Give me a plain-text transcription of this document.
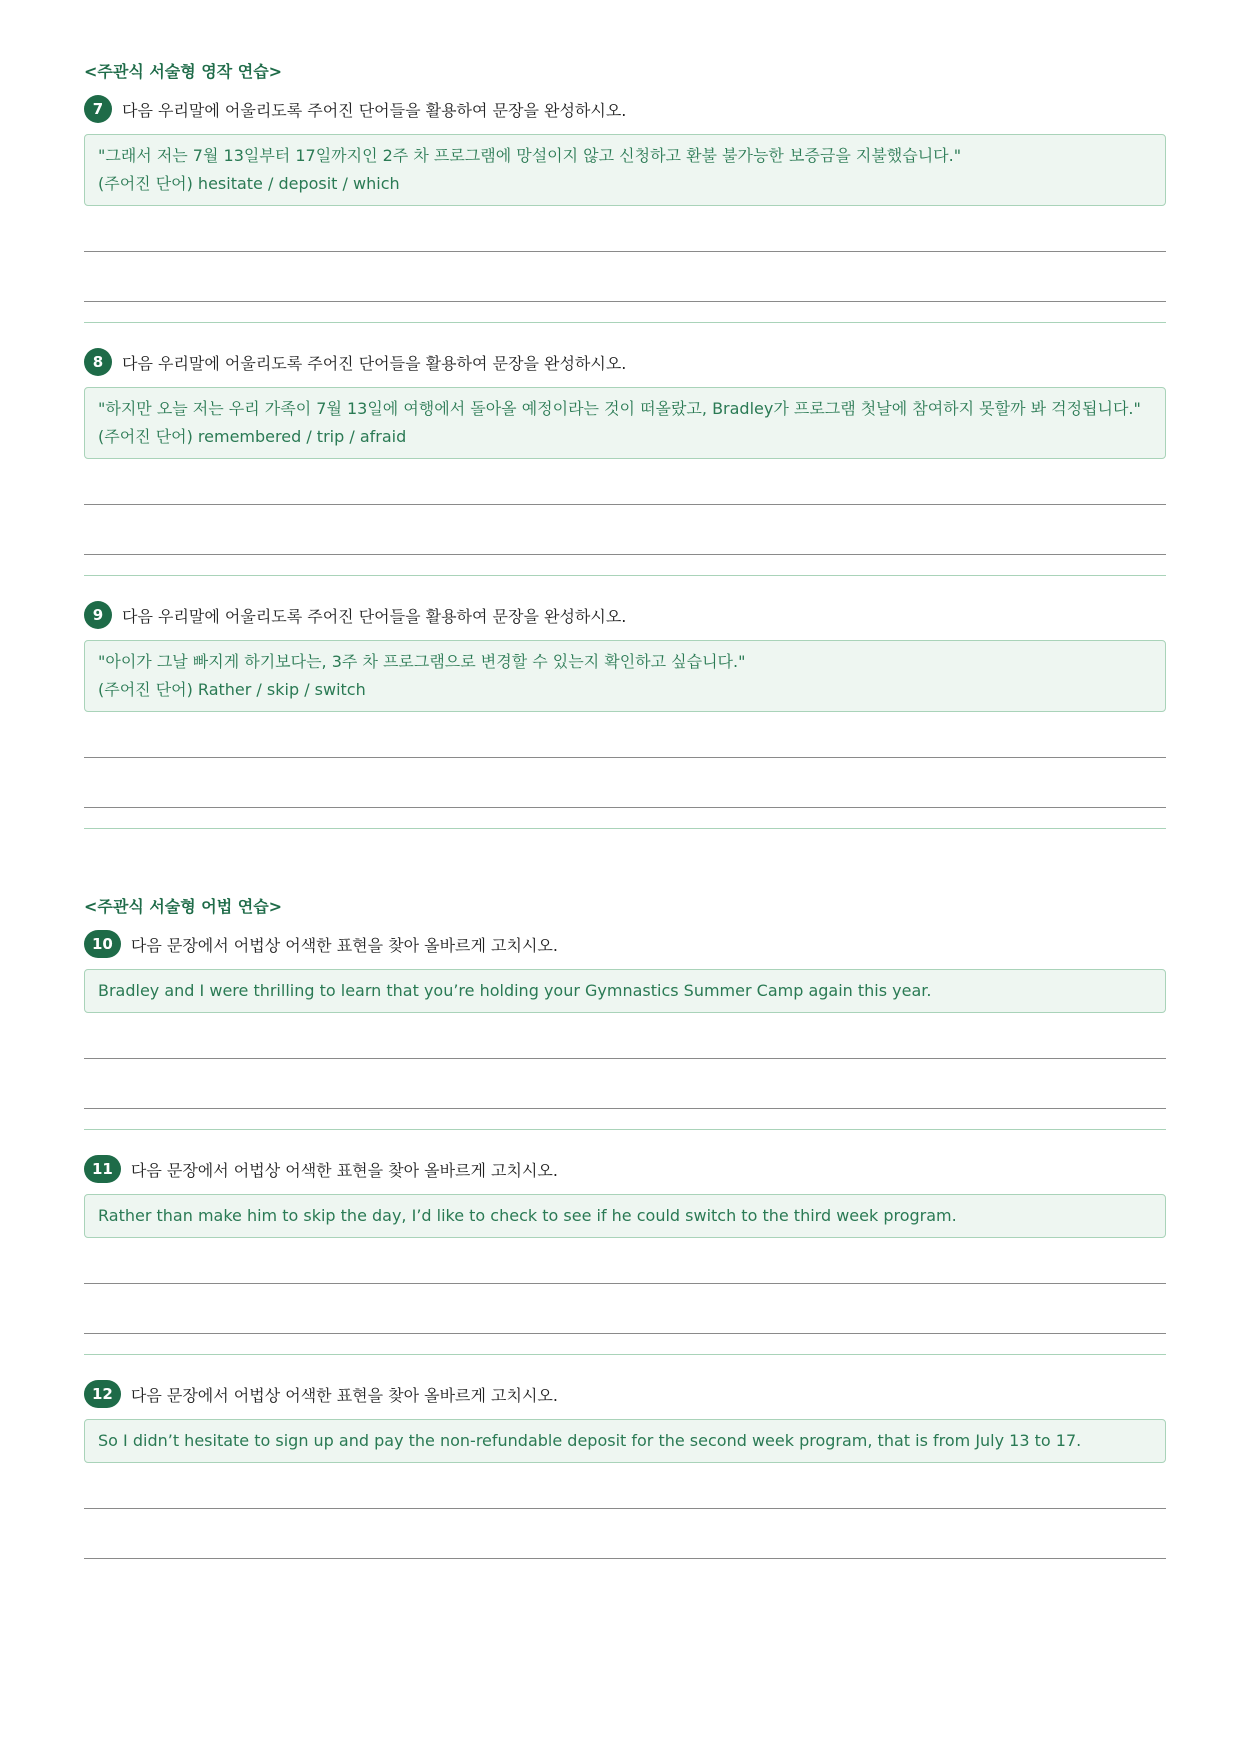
<주관식 서술형 영작 연습>
7	다음 우리말에 어울리도록 주어진 단어들을 활용하여 문장을 완성하시오.
"그래서 저는 7월 13일부터 17일까지인 2주 차 프로그램에 망설이지 않고 신청하고 환불 불가능한 보증금을 지불했습니다."
(주어진 단어) hesitate / deposit / which
8	다음 우리말에 어울리도록 주어진 단어들을 활용하여 문장을 완성하시오.
"하지만 오늘 저는 우리 가족이 7월 13일에 여행에서 돌아올 예정이라는 것이 떠올랐고, Bradley가 프로그램 첫날에 참여하지 못할까 봐 걱정됩니다."
(주어진 단어) remembered / trip / afraid
9	다음 우리말에 어울리도록 주어진 단어들을 활용하여 문장을 완성하시오.
"아이가 그날 빠지게 하기보다는, 3주 차 프로그램으로 변경할 수 있는지 확인하고 싶습니다."
(주어진 단어) Rather / skip / switch
<주관식 서술형 어법 연습>
10	다음 문장에서 어법상 어색한 표현을 찾아 올바르게 고치시오.
Bradley and I were thrilling to learn that you’re holding your Gymnastics Summer Camp again this year.
11	다음 문장에서 어법상 어색한 표현을 찾아 올바르게 고치시오.
Rather than make him to skip the day, I’d like to check to see if he could switch to the third week program.
12	다음 문장에서 어법상 어색한 표현을 찾아 올바르게 고치시오.
So I didn’t hesitate to sign up and pay the non-refundable deposit for the second week program, that is from July 13 to 17.
